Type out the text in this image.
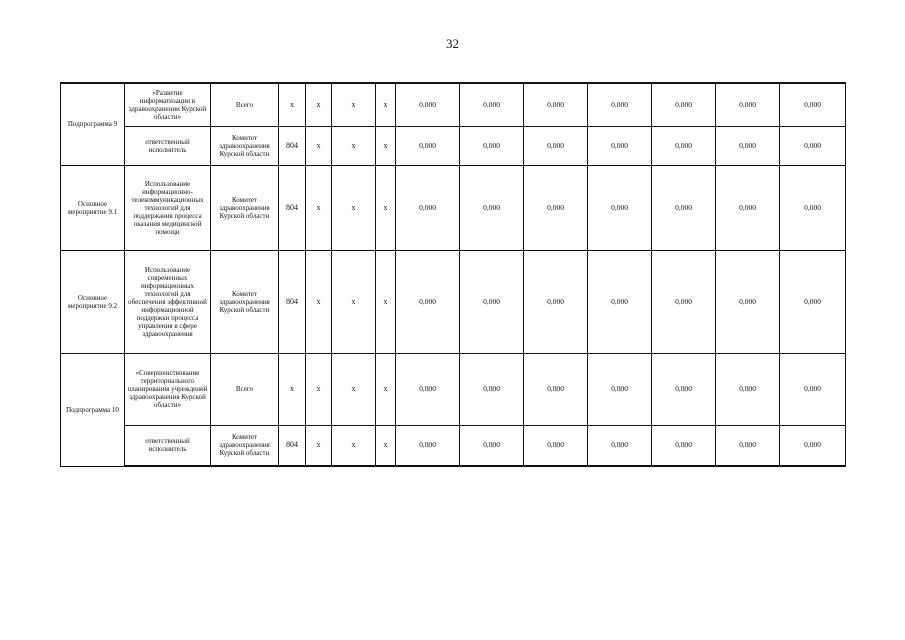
32
Подпрограмма 9	«Развитие информатизации в здравоохранении Курской области»	Всего	х	х	х	х	0,000	0,000	0,000	0,000	0,000	0,000	0,000
	ответственный исполнитель	Комитет здравоохранения Курской области	804	х	х	х	0,000	0,000	0,000	0,000	0,000	0,000	0,000
Основное мероприятие 9.1	Использование информационно-телекоммуникационных технологий для поддержания процесса оказания медицинской помощи	Комитет здравоохранения Курской области	804	х	х	х	0,000	0,000	0,000	0,000	0,000	0,000	0,000
Основное мероприятие 9.2	Использование современных информационных технологий для обеспечения эффективной информационной поддержки процесса управления в сфере здравоохранения	Комитет здравоохранения Курской области	804	х	х	х	0,000	0,000	0,000	0,000	0,000	0,000	0,000
Подпрограмма 10	«Совершенствование территориального планирования учреждений здравоохранения Курской области»	Всего	х	х	х	х	0,000	0,000	0,000	0,000	0,000	0,000	0,000
	ответственный исполнитель	Комитет здравоохранения Курской области	804	х	х	х	0,000	0,000	0,000	0,000	0,000	0,000	0,000
